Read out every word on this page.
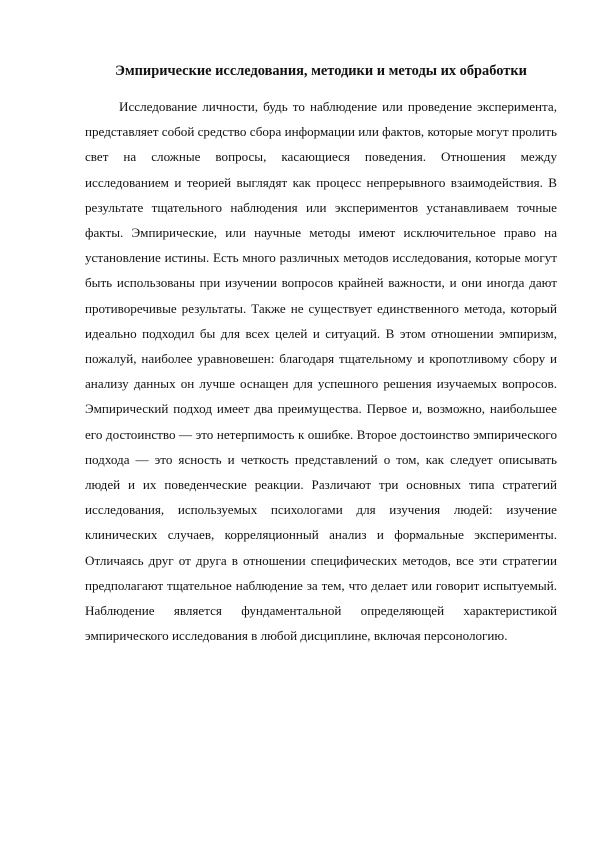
Эмпирические исследования, методики и методы их обработки

Исследование личности, будь то наблюдение или проведение эксперимента, представляет собой средство сбора информации или фактов, которые могут пролить свет на сложные вопросы, касающиеся поведения. Отношения между исследованием и теорией выглядят как процесс непрерывного взаимодействия. В результате тщательного наблюдения или экспериментов устанавливаем точные факты. Эмпирические, или научные методы имеют исключительное право на установление истины. Есть много различных методов исследования, которые могут быть использованы при изучении вопросов крайней важности, и они иногда дают противоречивые результаты. Также не существует единственного метода, который идеально подходил бы для всех целей и ситуаций. В этом отношении эмпиризм, пожалуй, наиболее уравновешен: благодаря тщательному и кропотливому сбору и анализу данных он лучше оснащен для успешного решения изучаемых вопросов. Эмпирический подход имеет два преимущества. Первое и, возможно, наибольшее его достоинство — это нетерпимость к ошибке. Второе достоинство эмпирического подхода — это ясность и четкость представлений о том, как следует описывать людей и их поведенческие реакции. Различают три основных типа стратегий исследования, используемых психологами для изучения людей: изучение клинических случаев, корреляционный анализ и формальные эксперименты. Отличаясь друг от друга в отношении специфических методов, все эти стратегии предполагают тщательное наблюдение за тем, что делает или говорит испытуемый. Наблюдение является фундаментальной определяющей характеристикой эмпирического исследования в любой дисциплине, включая персонологию.
